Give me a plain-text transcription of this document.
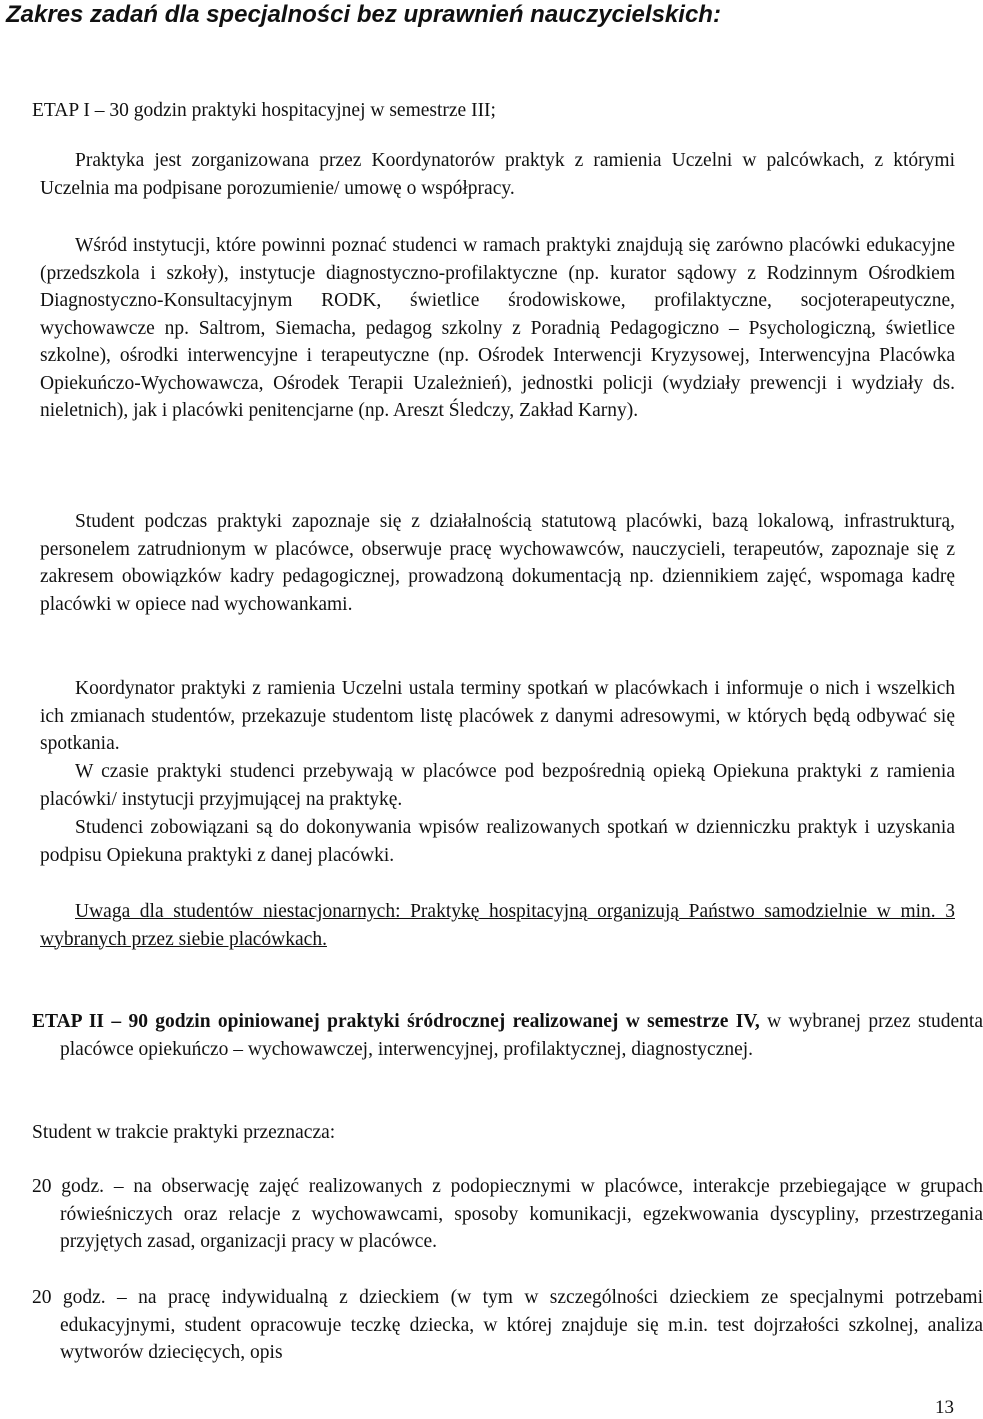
Zakres zadań dla specjalności bez uprawnień nauczycielskich:

ETAP I – 30 godzin praktyki hospitacyjnej w semestrze III;

Praktyka jest zorganizowana przez Koordynatorów praktyk z ramienia Uczelni w palcówkach, z którymi Uczelnia ma podpisane porozumienie/ umowę o współpracy.

Wśród instytucji, które powinni poznać studenci w ramach praktyki znajdują się zarówno placówki edukacyjne (przedszkola i szkoły), instytucje diagnostyczno-profilaktyczne (np. kurator sądowy z Rodzinnym Ośrodkiem Diagnostyczno-Konsultacyjnym RODK, świetlice środowiskowe, profilaktyczne, socjoterapeutyczne, wychowawcze np. Saltrom, Siemacha, pedagog szkolny z Poradnią Pedagogiczno – Psychologiczną, świetlice szkolne), ośrodki interwencyjne i terapeutyczne (np. Ośrodek Interwencji Kryzysowej, Interwencyjna Placówka Opiekuńczo-Wychowawcza, Ośrodek Terapii Uzależnień), jednostki policji (wydziały prewencji i wydziały ds. nieletnich), jak i placówki penitencjarne (np. Areszt Śledczy, Zakład Karny).

Student podczas praktyki zapoznaje się z działalnością statutową placówki, bazą lokalową, infrastrukturą, personelem zatrudnionym w placówce, obserwuje pracę wychowawców, nauczycieli, terapeutów, zapoznaje się z zakresem obowiązków kadry pedagogicznej, prowadzoną dokumentacją np. dziennikiem zajęć, wspomaga kadrę placówki w opiece nad wychowankami.

Koordynator praktyki z ramienia Uczelni ustala terminy spotkań w placówkach i informuje o nich i wszelkich ich zmianach studentów, przekazuje studentom listę placówek z danymi adresowymi, w których będą odbywać się spotkania.

W czasie praktyki studenci przebywają w placówce pod bezpośrednią opieką Opiekuna praktyki z ramienia placówki/ instytucji przyjmującej na praktykę.

Studenci zobowiązani są do dokonywania wpisów realizowanych spotkań w dzienniczku praktyk i uzyskania podpisu Opiekuna praktyki z danej placówki.

Uwaga dla studentów niestacjonarnych: Praktykę hospitacyjną organizują Państwo samodzielnie w min. 3 wybranych przez siebie placówkach.

ETAP II – 90 godzin opiniowanej praktyki śródrocznej realizowanej w semestrze IV, w wybranej przez studenta placówce opiekuńczo – wychowawczej, interwencyjnej, profilaktycznej, diagnostycznej.

Student w trakcie praktyki przeznacza:

20 godz. – na obserwację zajęć realizowanych z podopiecznymi w placówce, interakcje przebiegające w grupach rówieśniczych oraz relacje z wychowawcami, sposoby komunikacji, egzekwowania dyscypliny, przestrzegania przyjętych zasad, organizacji pracy w placówce.

20 godz. – na pracę indywidualną z dzieckiem (w tym w szczególności dzieckiem ze specjalnymi potrzebami edukacyjnymi, student opracowuje teczkę dziecka, w której znajduje się m.in. test dojrzałości szkolnej, analiza wytworów dziecięcych, opis

13
